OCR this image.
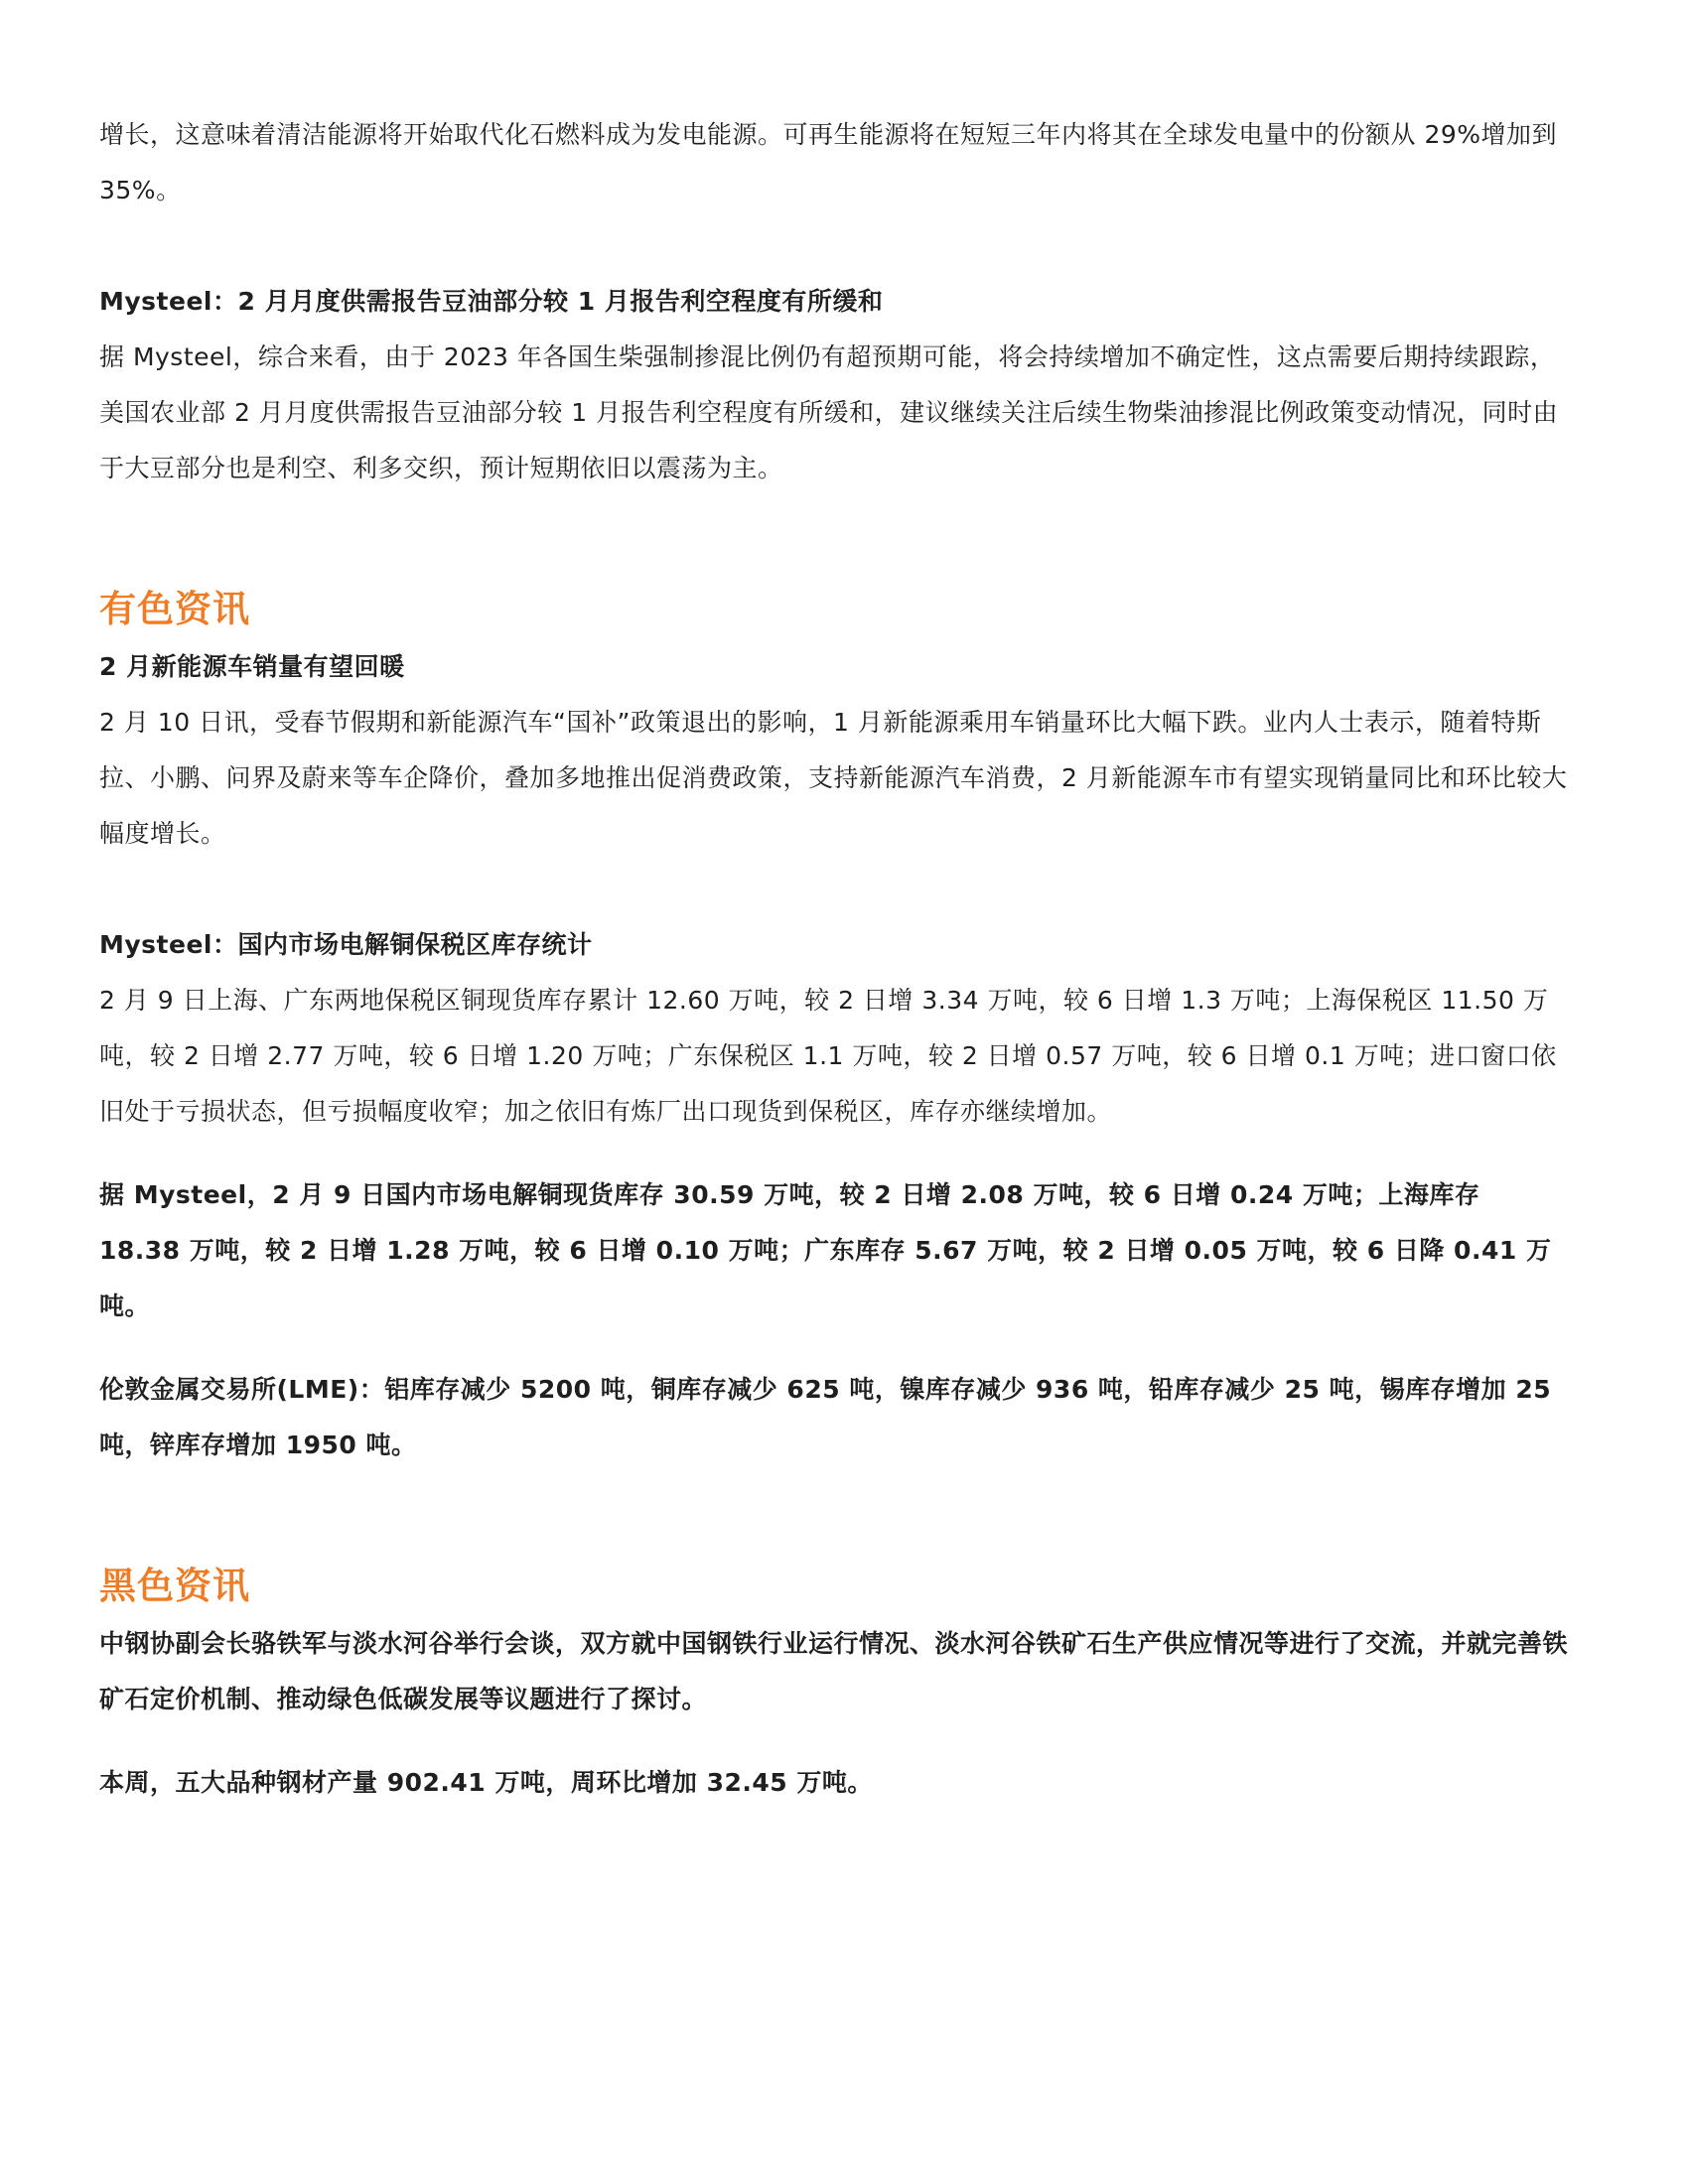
增长，这意味着清洁能源将开始取代化石燃料成为发电能源。可再生能源将在短短三年内将其在全球发电量中的份额从 29%增加到 35%。

Mysteel：2 月月度供需报告豆油部分较 1 月报告利空程度有所缓和

据 Mysteel，综合来看，由于 2023 年各国生柴强制掺混比例仍有超预期可能，将会持续增加不确定性，这点需要后期持续跟踪，美国农业部 2 月月度供需报告豆油部分较 1 月报告利空程度有所缓和，建议继续关注后续生物柴油掺混比例政策变动情况，同时由于大豆部分也是利空、利多交织，预计短期依旧以震荡为主。

有色资讯

2 月新能源车销量有望回暖

2 月 10 日讯，受春节假期和新能源汽车“国补”政策退出的影响，1 月新能源乘用车销量环比大幅下跌。业内人士表示，随着特斯拉、小鹏、问界及蔚来等车企降价，叠加多地推出促消费政策，支持新能源汽车消费，2 月新能源车市有望实现销量同比和环比较大幅度增长。

Mysteel：国内市场电解铜保税区库存统计

2 月 9 日上海、广东两地保税区铜现货库存累计 12.60 万吨，较 2 日增 3.34 万吨，较 6 日增 1.3 万吨；上海保税区 11.50 万吨，较 2 日增 2.77 万吨，较 6 日增 1.20 万吨；广东保税区 1.1 万吨，较 2 日增 0.57 万吨，较 6 日增 0.1 万吨；进口窗口依旧处于亏损状态，但亏损幅度收窄；加之依旧有炼厂出口现货到保税区，库存亦继续增加。

据 Mysteel，2 月 9 日国内市场电解铜现货库存 30.59 万吨，较 2 日增 2.08 万吨，较 6 日增 0.24 万吨；上海库存 18.38 万吨，较 2 日增 1.28 万吨，较 6 日增 0.10 万吨；广东库存 5.67 万吨，较 2 日增 0.05 万吨，较 6 日降 0.41 万吨。

伦敦金属交易所(LME)：铝库存减少 5200 吨，铜库存减少 625 吨，镍库存减少 936 吨，铅库存减少 25 吨，锡库存增加 25 吨，锌库存增加 1950 吨。

黑色资讯

中钢协副会长骆铁军与淡水河谷举行会谈，双方就中国钢铁行业运行情况、淡水河谷铁矿石生产供应情况等进行了交流，并就完善铁矿石定价机制、推动绿色低碳发展等议题进行了探讨。

本周，五大品种钢材产量 902.41 万吨，周环比增加 32.45 万吨。
